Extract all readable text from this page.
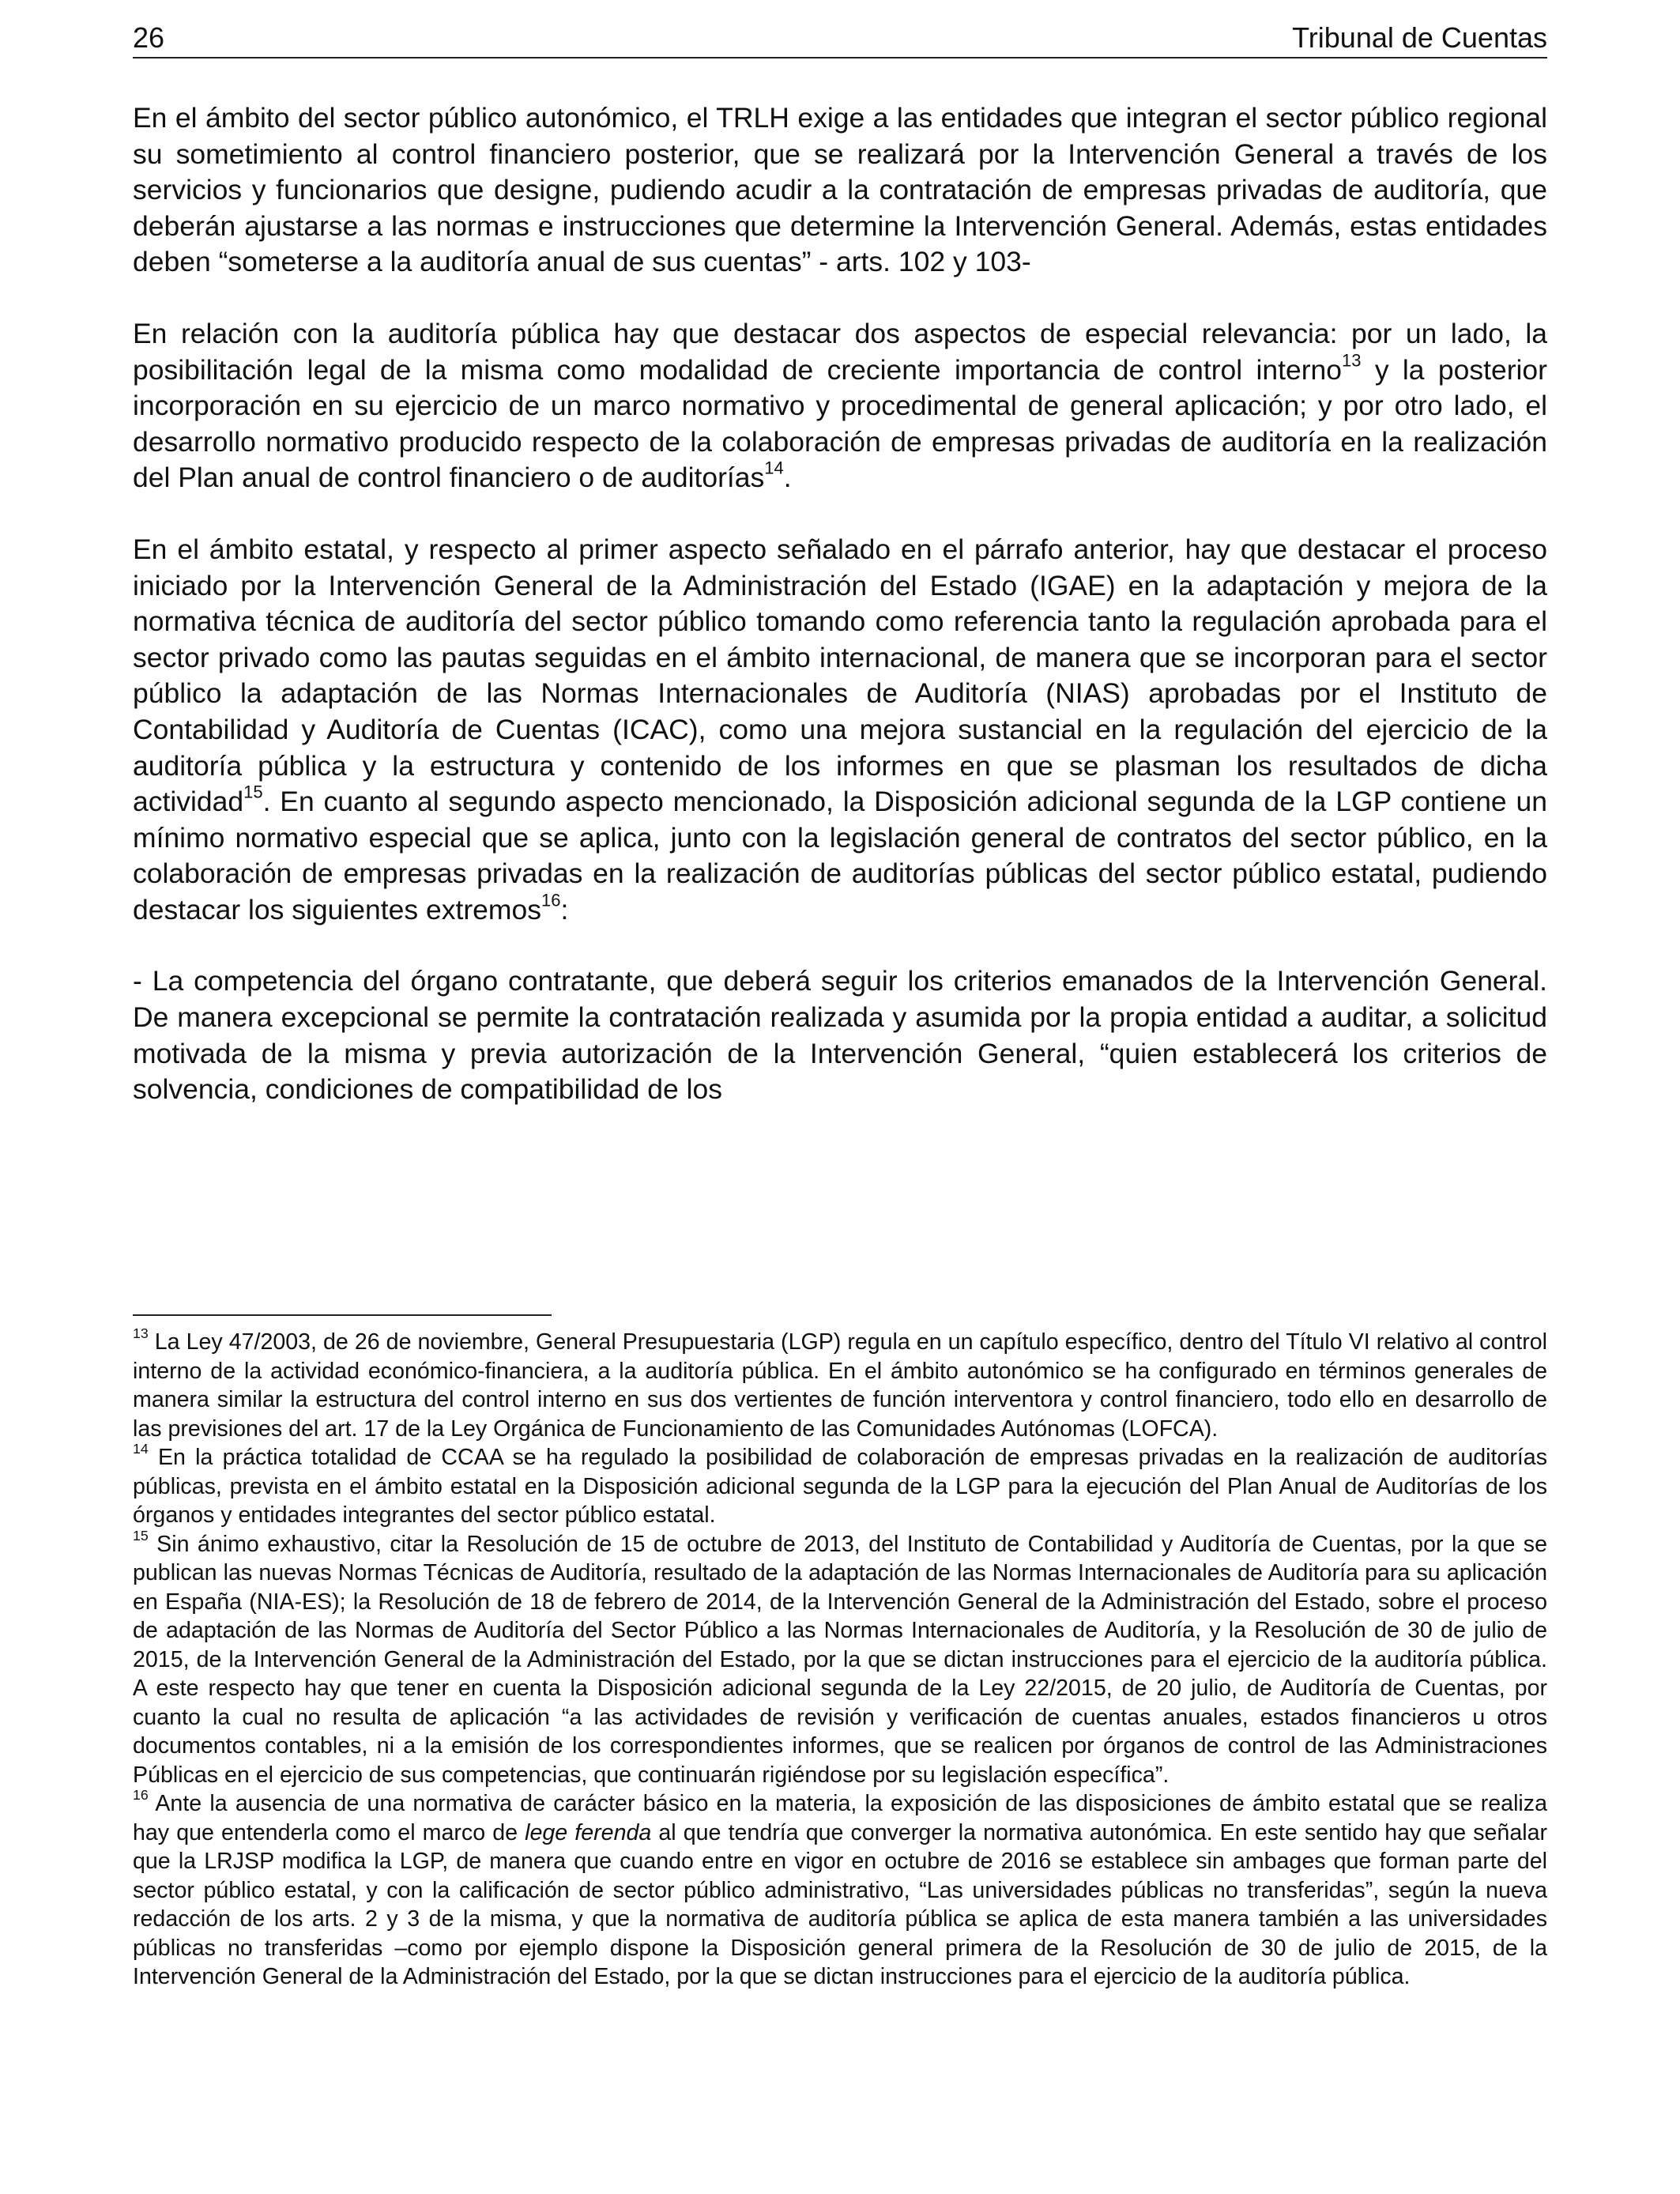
26	Tribunal de Cuentas

En el ámbito del sector público autonómico, el TRLH exige a las entidades que integran el sector público regional su sometimiento al control financiero posterior, que se realizará por la Intervención General a través de los servicios y funcionarios que designe, pudiendo acudir a la contratación de empresas privadas de auditoría, que deberán ajustarse a las normas e instrucciones que determine la Intervención General. Además, estas entidades deben “someterse a la auditoría anual de sus cuentas” - arts. 102 y 103-

En relación con la auditoría pública hay que destacar dos aspectos de especial relevancia: por un lado, la posibilitación legal de la misma como modalidad de creciente importancia de control interno$^{13}$ y la posterior incorporación en su ejercicio de un marco normativo y procedimental de general aplicación; y por otro lado, el desarrollo normativo producido respecto de la colaboración de empresas privadas de auditoría en la realización del Plan anual de control financiero o de auditorías$^{14}$.

En el ámbito estatal, y respecto al primer aspecto señalado en el párrafo anterior, hay que destacar el proceso iniciado por la Intervención General de la Administración del Estado (IGAE) en la adaptación y mejora de la normativa técnica de auditoría del sector público tomando como referencia tanto la regulación aprobada para el sector privado como las pautas seguidas en el ámbito internacional, de manera que se incorporan para el sector público la adaptación de las Normas Internacionales de Auditoría (NIAS) aprobadas por el Instituto de Contabilidad y Auditoría de Cuentas (ICAC), como una mejora sustancial en la regulación del ejercicio de la auditoría pública y la estructura y contenido de los informes en que se plasman los resultados de dicha actividad$^{15}$. En cuanto al segundo aspecto mencionado, la Disposición adicional segunda de la LGP contiene un mínimo normativo especial que se aplica, junto con la legislación general de contratos del sector público, en la colaboración de empresas privadas en la realización de auditorías públicas del sector público estatal, pudiendo destacar los siguientes extremos$^{16}$:

- La competencia del órgano contratante, que deberá seguir los criterios emanados de la Intervención General. De manera excepcional se permite la contratación realizada y asumida por la propia entidad a auditar, a solicitud motivada de la misma y previa autorización de la Intervención General, “quien establecerá los criterios de solvencia, condiciones de compatibilidad de los

$^{13}$ La Ley 47/2003, de 26 de noviembre, General Presupuestaria (LGP) regula en un capítulo específico, dentro del Título VI relativo al control interno de la actividad económico-financiera, a la auditoría pública. En el ámbito autonómico se ha configurado en términos generales de manera similar la estructura del control interno en sus dos vertientes de función interventora y control financiero, todo ello en desarrollo de las previsiones del art. 17 de la Ley Orgánica de Funcionamiento de las Comunidades Autónomas (LOFCA).

$^{14}$ En la práctica totalidad de CCAA se ha regulado la posibilidad de colaboración de empresas privadas en la realización de auditorías públicas, prevista en el ámbito estatal en la Disposición adicional segunda de la LGP para la ejecución del Plan Anual de Auditorías de los órganos y entidades integrantes del sector público estatal.

$^{15}$ Sin ánimo exhaustivo, citar la Resolución de 15 de octubre de 2013, del Instituto de Contabilidad y Auditoría de Cuentas, por la que se publican las nuevas Normas Técnicas de Auditoría, resultado de la adaptación de las Normas Internacionales de Auditoría para su aplicación en España (NIA-ES); la Resolución de 18 de febrero de 2014, de la Intervención General de la Administración del Estado, sobre el proceso de adaptación de las Normas de Auditoría del Sector Público a las Normas Internacionales de Auditoría, y la Resolución de 30 de julio de 2015, de la Intervención General de la Administración del Estado, por la que se dictan instrucciones para el ejercicio de la auditoría pública. A este respecto hay que tener en cuenta la Disposición adicional segunda de la Ley 22/2015, de 20 julio, de Auditoría de Cuentas, por cuanto la cual no resulta de aplicación “a las actividades de revisión y verificación de cuentas anuales, estados financieros u otros documentos contables, ni a la emisión de los correspondientes informes, que se realicen por órganos de control de las Administraciones Públicas en el ejercicio de sus competencias, que continuarán rigiéndose por su legislación específica”.

$^{16}$ Ante la ausencia de una normativa de carácter básico en la materia, la exposición de las disposiciones de ámbito estatal que se realiza hay que entenderla como el marco de lege ferenda al que tendría que converger la normativa autonómica. En este sentido hay que señalar que la LRJSP modifica la LGP, de manera que cuando entre en vigor en octubre de 2016 se establece sin ambages que forman parte del sector público estatal, y con la calificación de sector público administrativo, “Las universidades públicas no transferidas”, según la nueva redacción de los arts. 2 y 3 de la misma, y que la normativa de auditoría pública se aplica de esta manera también a las universidades públicas no transferidas –como por ejemplo dispone la Disposición general primera de la Resolución de 30 de julio de 2015, de la Intervención General de la Administración del Estado, por la que se dictan instrucciones para el ejercicio de la auditoría pública.
